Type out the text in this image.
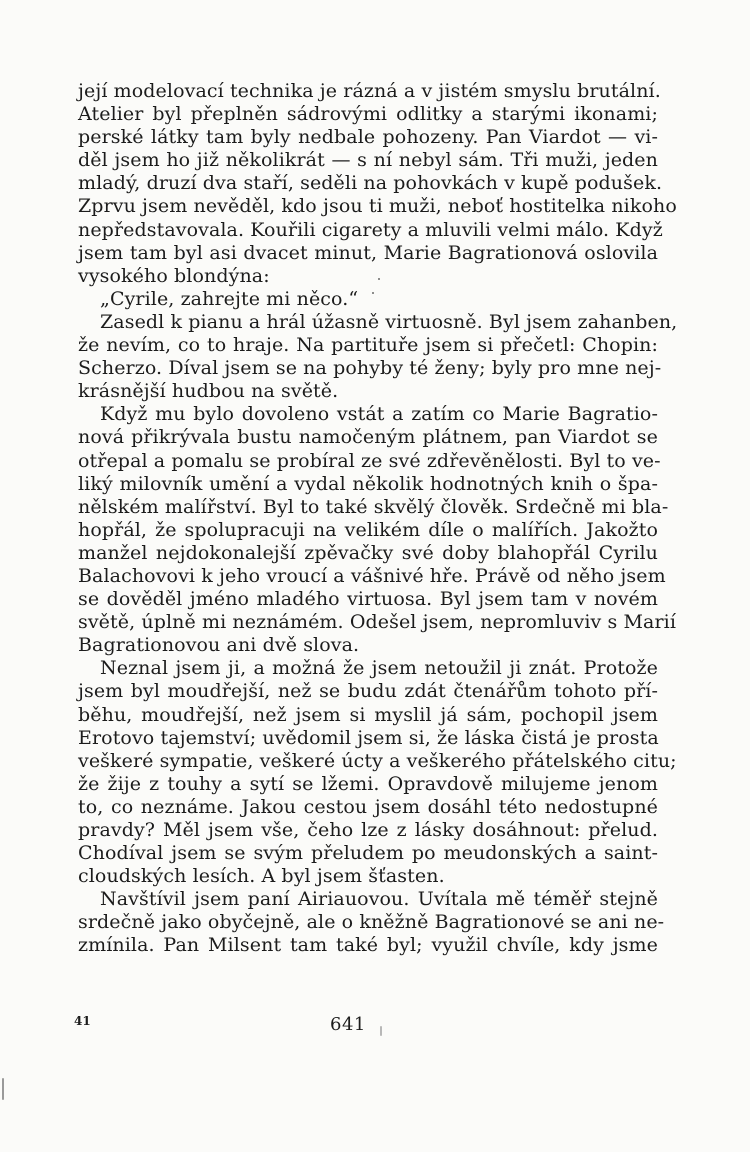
její modelovací technika je rázná a v jistém smyslu brutální.
Atelier byl přeplněn sádrovými odlitky a starými ikonami;
perské látky tam byly nedbale pohozeny. Pan Viardot — vi-
děl jsem ho již několikrát — s ní nebyl sám. Tři muži, jeden
mladý, druzí dva staří, seděli na pohovkách v kupě podušek.
Zprvu jsem nevěděl, kdo jsou ti muži, neboť hostitelka nikoho
nepředstavovala. Kouřili cigarety a mluvili velmi málo. Když
jsem tam byl asi dvacet minut, Marie Bagrationová oslovila
vysokého blondýna:
„Cyrile, zahrejte mi něco.“
Zasedl k pianu a hrál úžasně virtuosně. Byl jsem zahanben,
že nevím, co to hraje. Na partituře jsem si přečetl: Chopin:
Scherzo. Díval jsem se na pohyby té ženy; byly pro mne nej-
krásnější hudbou na světě.
Když mu bylo dovoleno vstát a zatím co Marie Bagratio-
nová přikrývala bustu namočeným plátnem, pan Viardot se
otřepal a pomalu se probíral ze své zdřevěnělosti. Byl to ve-
liký milovník umění a vydal několik hodnotných knih o špa-
nělském malířství. Byl to také skvělý člověk. Srdečně mi bla-
hopřál, že spolupracuji na velikém díle o malířích. Jakožto
manžel nejdokonalejší zpěvačky své doby blahopřál Cyrilu
Balachovovi k jeho vroucí a vášnivé hře. Právě od něho jsem
se dověděl jméno mladého virtuosa. Byl jsem tam v novém
světě, úplně mi neznámém. Odešel jsem, nepromluviv s Marií
Bagrationovou ani dvě slova.
Neznal jsem ji, a možná že jsem netoužil ji znát. Protože
jsem byl moudřejší, než se budu zdát čtenářům tohoto pří-
běhu, moudřejší, než jsem si myslil já sám, pochopil jsem
Erotovo tajemství; uvědomil jsem si, že láska čistá je prosta
veškeré sympatie, veškeré úcty a veškerého přátelského citu;
že žije z touhy a sytí se lžemi. Opravdově milujeme jenom
to, co neznáme. Jakou cestou jsem dosáhl této nedostupné
pravdy? Měl jsem vše, čeho lze z lásky dosáhnout: přelud.
Chodíval jsem se svým přeludem po meudonských a saint-
cloudských lesích. A byl jsem šťasten.
Navštívil jsem paní Airiauovou. Uvítala mě téměř stejně
srdečně jako obyčejně, ale o kněžně Bagrationové se ani ne-
zmínila. Pan Milsent tam také byl; využil chvíle, kdy jsme
41	641
